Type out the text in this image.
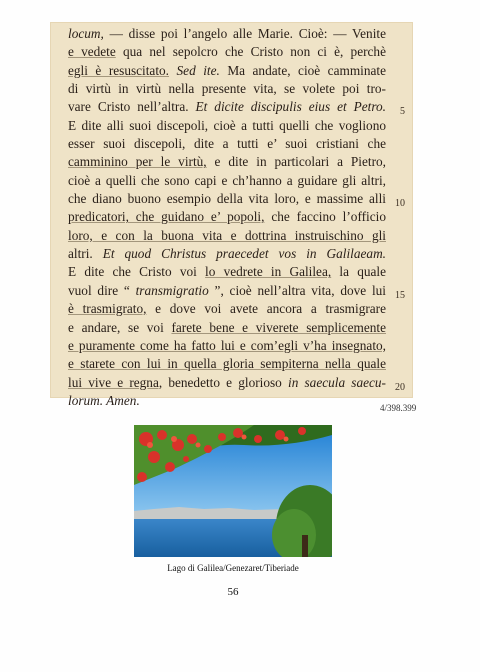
locum, — disse poi l’angelo alle Marie. Cioè: — Venite
e vedete qua nel sepolcro che Cristo non ci è, perchè
egli è resuscitato. Sed ite. Ma andate, cioè camminate
di virtù in virtù nella presente vita, se volete poi tro-
vare Cristo nell’altra. Et dicite discipulis eius et Petro.
E dite alli suoi discepoli, cioè a tutti quelli che vogliono
esser suoi discepoli, dite a tutti e’ suoi cristiani che
camminino per le virtù, e dite in particolari a Pietro,
cioè a quelli che sono capi e ch’hanno a guidare gli altri,
che diano buono esempio della vita loro, e massime alli
predicatori, che guidano e’ popoli, che faccino l’officio
loro, e con la buona vita e dottrina instruischino gli
altri. Et quod Christus praecedet vos in Galilaeam.
E dite che Cristo voi lo vedrete in Galilea, la quale
vuol dire “ transmigratio ”, cioè nell’altra vita, dove lui
è trasmigrato, e dove voi avete ancora a trasmigrare
e andare, se voi farete bene e viverete semplicemente
e puramente come ha fatto lui e com’egli v’ha insegnato,
e starete con lui in quella gloria sempiterna nella quale
lui vive e regna, benedetto e glorioso in saecula saecu-
lorum. Amen.
5
10
15
20
4/398.399
Lago di Galilea/Genezaret/Tiberiade
56
